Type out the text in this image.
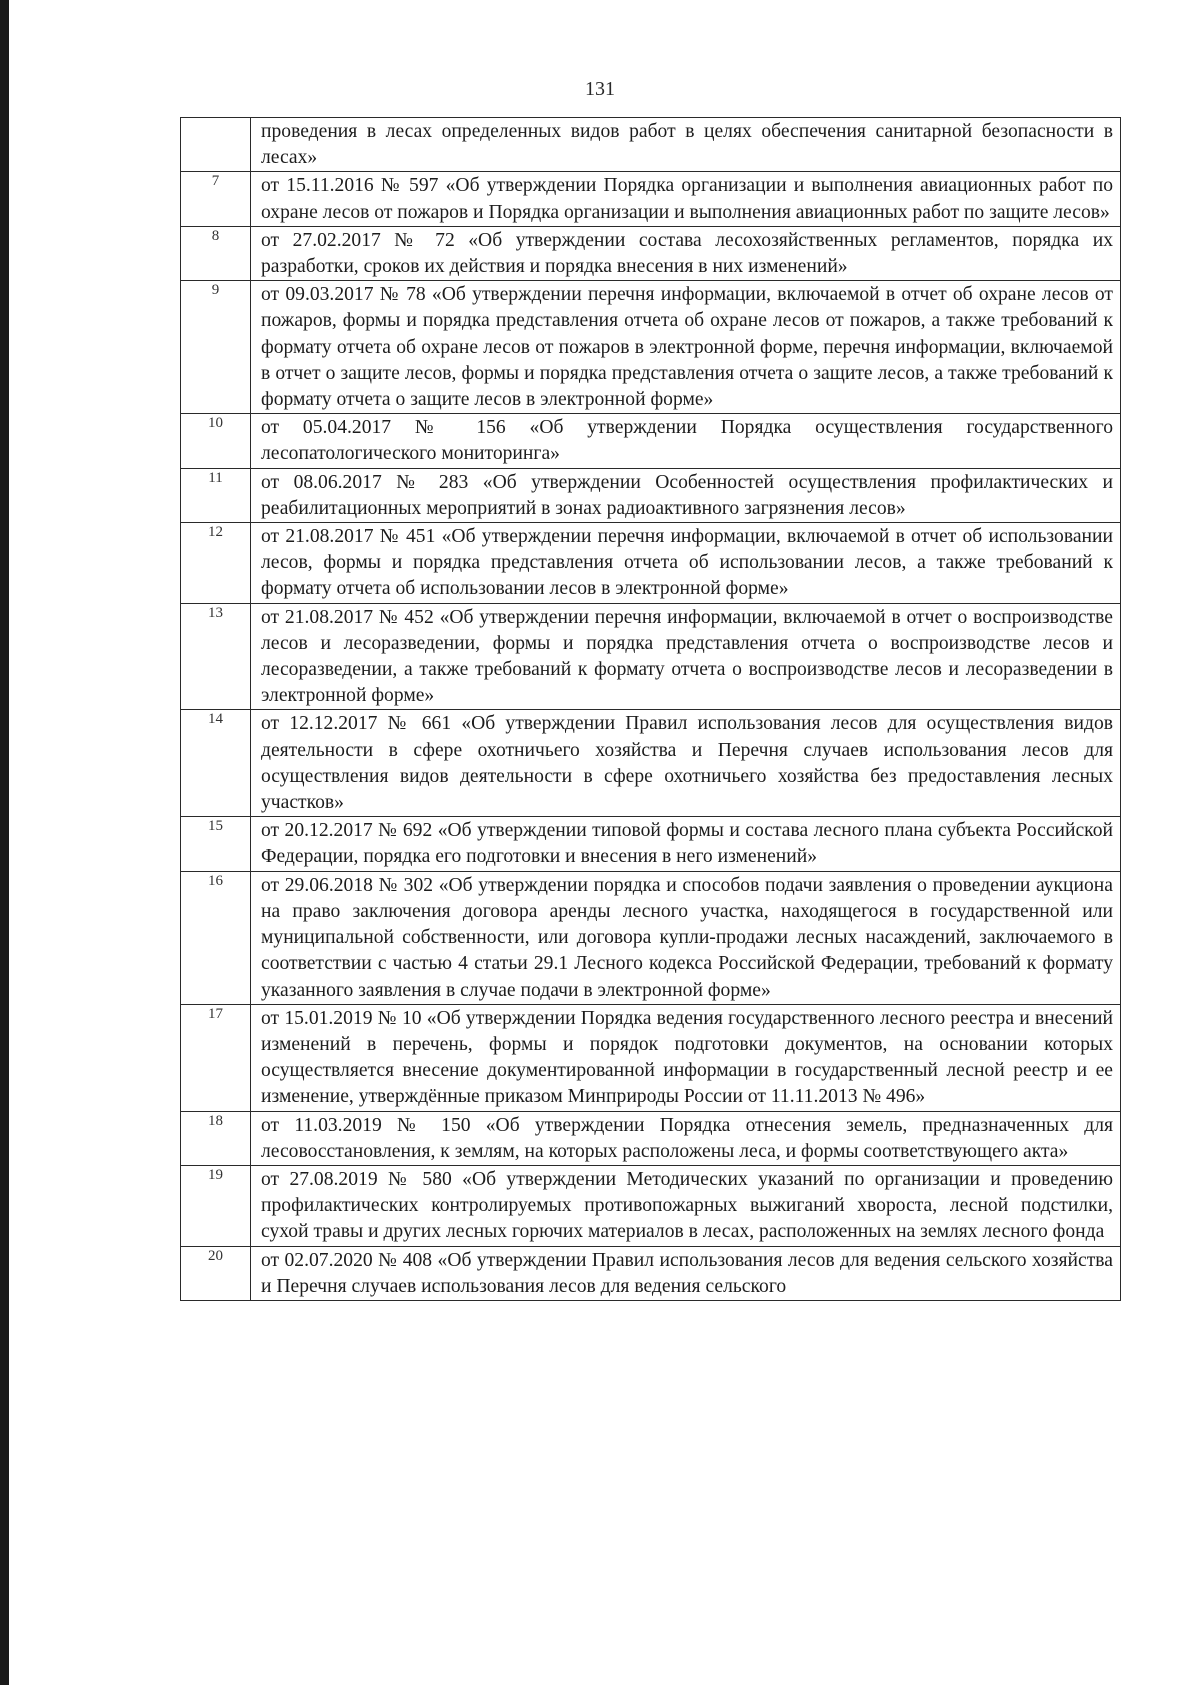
131
	проведения в лесах определенных видов работ в целях обеспечения санитарной безопасности в лесах»
7	от 15.11.2016 № 597 «Об утверждении Порядка организации и выполнения авиационных работ по охране лесов от пожаров и Порядка организации и выполнения авиационных работ по защите лесов»
8	от 27.02.2017 № 72 «Об утверждении состава лесохозяйственных регламентов, порядка их разработки, сроков их действия и порядка внесения в них изменений»
9	от 09.03.2017 № 78 «Об утверждении перечня информации, включаемой в отчет об охране лесов от пожаров, формы и порядка представления отчета об охране лесов от пожаров, а также требований к формату отчета об охране лесов от пожаров в электронной форме, перечня информации, включаемой в отчет о защите лесов, формы и порядка представления отчета о защите лесов, а также требований к формату отчета о защите лесов в электронной форме»
10	от 05.04.2017 № 156 «Об утверждении Порядка осуществления государственного лесопатологического мониторинга»
11	от 08.06.2017 № 283 «Об утверждении Особенностей осуществления профилактических и реабилитационных мероприятий в зонах радиоактивного загрязнения лесов»
12	от 21.08.2017 № 451 «Об утверждении перечня информации, включаемой в отчет об использовании лесов, формы и порядка представления отчета об использовании лесов, а также требований к формату отчета об использовании лесов в электронной форме»
13	от 21.08.2017 № 452 «Об утверждении перечня информации, включаемой в отчет о воспроизводстве лесов и лесоразведении, формы и порядка представления отчета о воспроизводстве лесов и лесоразведении, а также требований к формату отчета о воспроизводстве лесов и лесоразведении в электронной форме»
14	от 12.12.2017 № 661 «Об утверждении Правил использования лесов для осуществления видов деятельности в сфере охотничьего хозяйства и Перечня случаев использования лесов для осуществления видов деятельности в сфере охотничьего хозяйства без предоставления лесных участков»
15	от 20.12.2017 № 692 «Об утверждении типовой формы и состава лесного плана субъекта Российской Федерации, порядка его подготовки и внесения в него изменений»
16	от 29.06.2018 № 302 «Об утверждении порядка и способов подачи заявления о проведении аукциона на право заключения договора аренды лесного участка, находящегося в государственной или муниципальной собственности, или договора купли-продажи лесных насаждений, заключаемого в соответствии с частью 4 статьи 29.1 Лесного кодекса Российской Федерации, требований к формату указанного заявления в случае подачи в электронной форме»
17	от 15.01.2019 № 10 «Об утверждении Порядка ведения государственного лесного реестра и внесений изменений в перечень, формы и порядок подготовки документов, на основании которых осуществляется внесение документированной информации в государственный лесной реестр и ее изменение, утверждённые приказом Минприроды России от 11.11.2013 № 496»
18	от 11.03.2019 № 150 «Об утверждении Порядка отнесения земель, предназначенных для лесовосстановления, к землям, на которых расположены леса, и формы соответствующего акта»
19	от 27.08.2019 № 580 «Об утверждении Методических указаний по организации и проведению профилактических контролируемых противопожарных выжиганий хвороста, лесной подстилки, сухой травы и других лесных горючих материалов в лесах, расположенных на землях лесного фонда
20	от 02.07.2020 № 408 «Об утверждении Правил использования лесов для ведения сельского хозяйства и Перечня случаев использования лесов для ведения сельского
